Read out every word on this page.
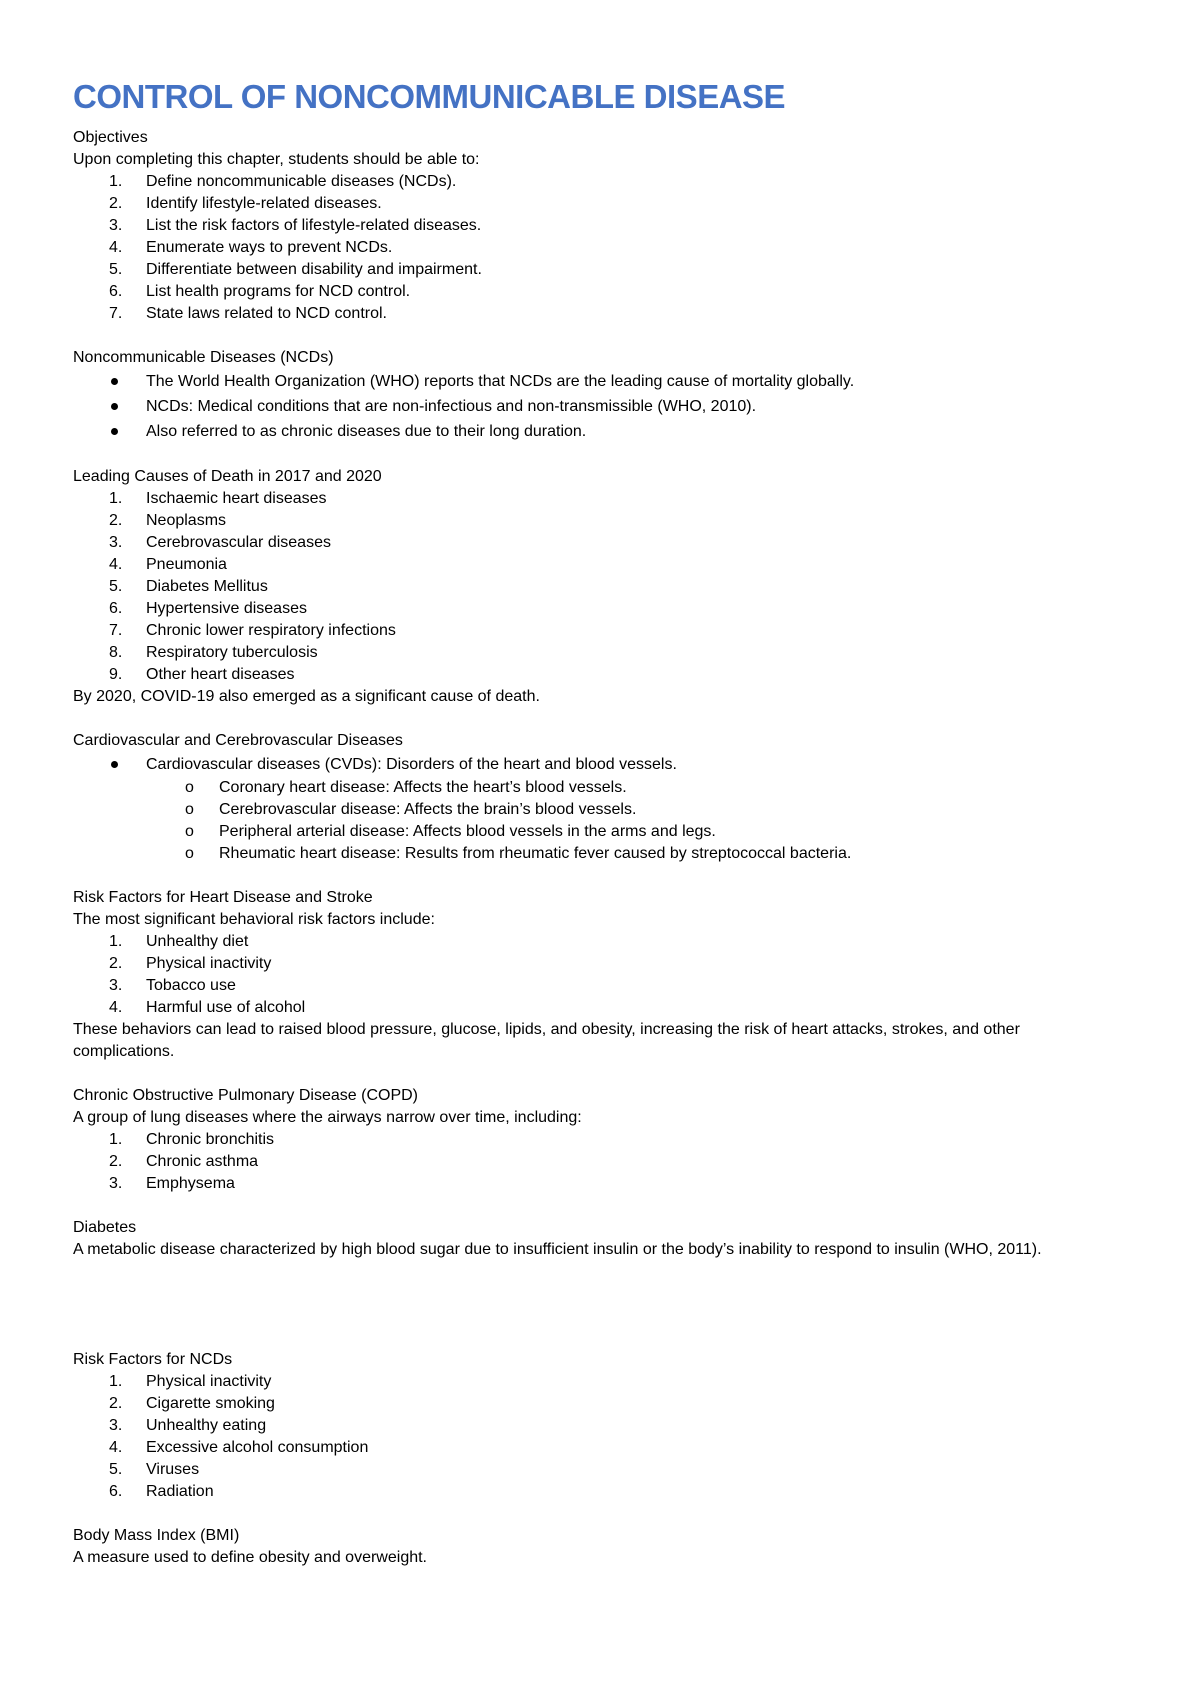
CONTROL OF NONCOMMUNICABLE DISEASE

Objectives

Upon completing this chapter, students should be able to:

1.	Define noncommunicable diseases (NCDs).
2.	Identify lifestyle-related diseases.
3.	List the risk factors of lifestyle-related diseases.
4.	Enumerate ways to prevent NCDs.
5.	Differentiate between disability and impairment.
6.	List health programs for NCD control.
7.	State laws related to NCD control.

Noncommunicable Diseases (NCDs)

The World Health Organization (WHO) reports that NCDs are the leading cause of mortality globally.
NCDs: Medical conditions that are non-infectious and non-transmissible (WHO, 2010).
Also referred to as chronic diseases due to their long duration.

Leading Causes of Death in 2017 and 2020

1.	Ischaemic heart diseases
2.	Neoplasms
3.	Cerebrovascular diseases
4.	Pneumonia
5.	Diabetes Mellitus
6.	Hypertensive diseases
7.	Chronic lower respiratory infections
8.	Respiratory tuberculosis
9.	Other heart diseases

By 2020, COVID-19 also emerged as a significant cause of death.

Cardiovascular and Cerebrovascular Diseases

Cardiovascular diseases (CVDs): Disorders of the heart and blood vessels.
o Coronary heart disease: Affects the heart’s blood vessels.
o Cerebrovascular disease: Affects the brain’s blood vessels.
o Peripheral arterial disease: Affects blood vessels in the arms and legs.
o Rheumatic heart disease: Results from rheumatic fever caused by streptococcal bacteria.

Risk Factors for Heart Disease and Stroke

The most significant behavioral risk factors include:

1.	Unhealthy diet
2.	Physical inactivity
3.	Tobacco use
4.	Harmful use of alcohol

These behaviors can lead to raised blood pressure, glucose, lipids, and obesity, increasing the risk of heart attacks, strokes, and other complications.

Chronic Obstructive Pulmonary Disease (COPD)

A group of lung diseases where the airways narrow over time, including:

1.	Chronic bronchitis
2.	Chronic asthma
3.	Emphysema

Diabetes

A metabolic disease characterized by high blood sugar due to insufficient insulin or the body’s inability to respond to insulin (WHO, 2011).

Risk Factors for NCDs

1.	Physical inactivity
2.	Cigarette smoking
3.	Unhealthy eating
4.	Excessive alcohol consumption
5.	Viruses
6.	Radiation

Body Mass Index (BMI)

A measure used to define obesity and overweight.
